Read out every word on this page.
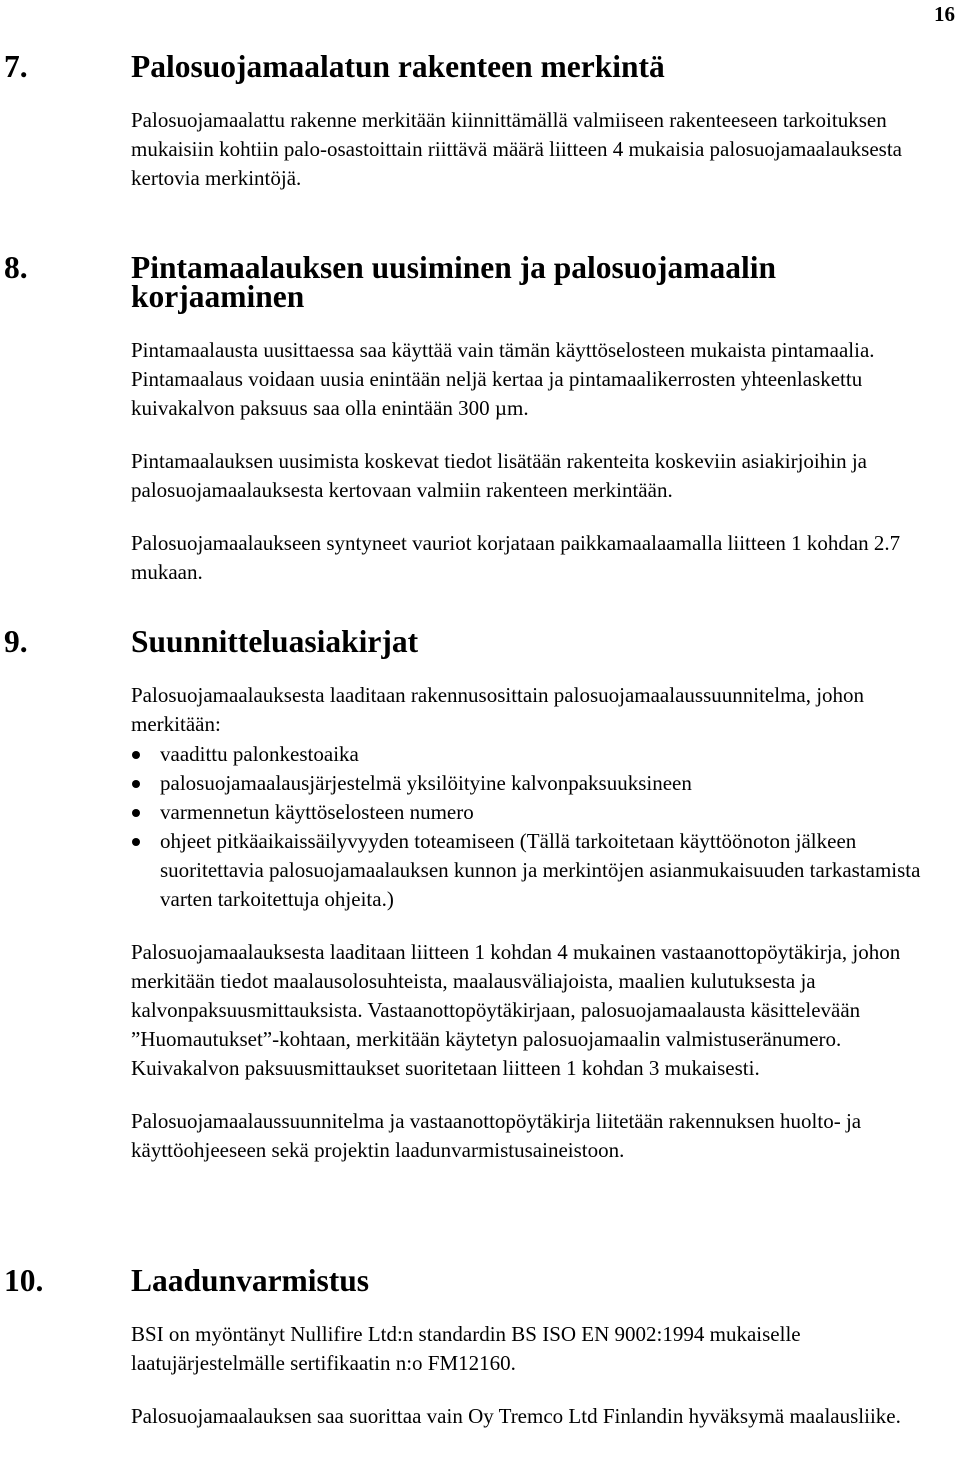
16
7.	Palosuojamaalatun rakenteen merkintä

Palosuojamaalattu rakenne merkitään kiinnittämällä valmiiseen rakenteeseen tarkoituksen mukaisiin kohtiin palo-osastoittain riittävä määrä liitteen 4 mukaisia palosuojamaalauksesta kertovia merkintöjä.

8.	Pintamaalauksen uusiminen ja palosuojamaalin korjaaminen

Pintamaalausta uusittaessa saa käyttää vain tämän käyttöselosteen mukaista pintamaalia. Pintamaalaus voidaan uusia enintään neljä kertaa ja pintamaalikerrosten yhteenlaskettu kuivakalvon paksuus saa olla enintään 300 µm.

Pintamaalauksen uusimista koskevat tiedot lisätään rakenteita koskeviin asiakirjoihin ja palosuojamaalauksesta kertovaan valmiin rakenteen merkintään.

Palosuojamaalaukseen syntyneet vauriot korjataan paikkamaalaamalla liitteen 1 kohdan 2.7 mukaan.

9.	Suunnitteluasiakirjat

Palosuojamaalauksesta laaditaan rakennusosittain palosuojamaalaussuunnitelma, johon merkitään:

vaadittu palonkestoaika
palosuojamaalausjärjestelmä yksilöityine kalvonpaksuuksineen
varmennetun käyttöselosteen numero
ohjeet pitkäaikaissäilyvyyden toteamiseen (Tällä tarkoitetaan käyttöönoton jälkeen suoritettavia palosuojamaalauksen kunnon ja merkintöjen asianmukaisuuden tarkastamista varten tarkoitettuja ohjeita.)

Palosuojamaalauksesta laaditaan liitteen 1 kohdan 4 mukainen vastaanottopöytäkirja, johon merkitään tiedot maalausolosuhteista, maalausväliajoista, maalien kulutuksesta ja kalvonpaksuusmittauksista. Vastaanottopöytäkirjaan, palosuojamaalausta käsittelevään ”Huomautukset”-kohtaan, merkitään käytetyn palosuojamaalin valmistuseränumero. Kuivakalvon paksuusmittaukset suoritetaan liitteen 1 kohdan 3 mukaisesti.

Palosuojamaalaussuunnitelma ja vastaanottopöytäkirja liitetään rakennuksen huolto- ja käyttöohjeeseen sekä projektin laadunvarmistusaineistoon.

10.	Laadunvarmistus

BSI on myöntänyt Nullifire Ltd:n standardin BS ISO EN 9002:1994 mukaiselle laatujärjestelmälle sertifikaatin n:o FM12160.

Palosuojamaalauksen saa suorittaa vain Oy Tremco Ltd Finlandin hyväksymä maalausliike.
